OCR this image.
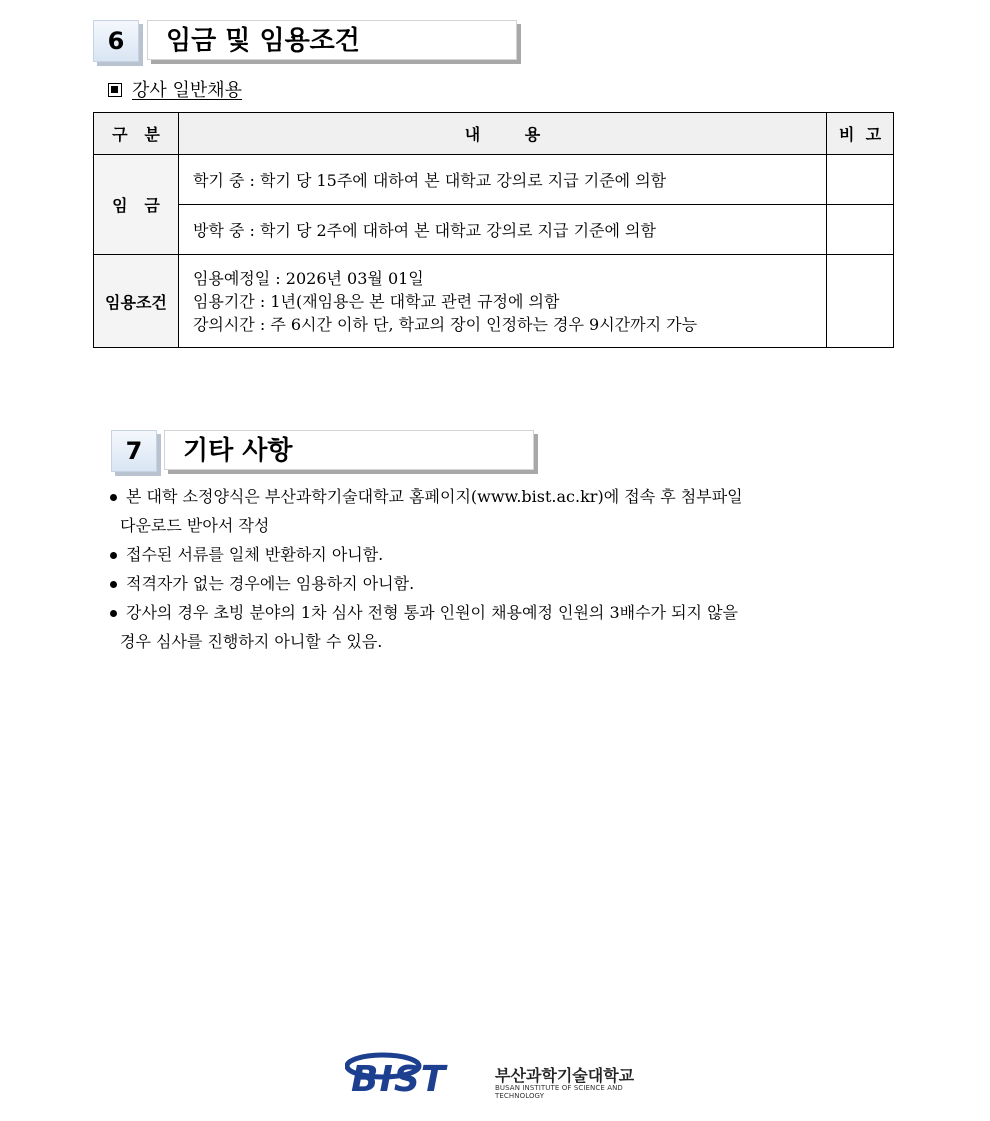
6	임금 및 임용조건
강사 일반채용
구   분	내        용	비  고
임   금	학기 중 : 학기 당 15주에 대하여 본 대학교 강의로 지급 기준에 의함	
	방학 중 : 학기 당 2주에 대하여 본 대학교 강의로 지급 기준에 의함	
임용조건	임용예정일 : 2026년 03월 01일
임용기간 : 1년(재임용은 본 대학교 관련 규정에 의함
강의시간 : 주 6시간 이하 단, 학교의 장이 인정하는 경우 9시간까지 가능	

7	기타 사항
본 대학 소정양식은 부산과학기술대학교 홈페이지(www.bist.ac.kr)에 접속 후 첨부파일
다운로드 받아서 작성
접수된 서류를 일체 반환하지 아니함.
적격자가 없는 경우에는 임용하지 아니함.
강사의 경우 초빙 분야의 1차 심사 전형 통과 인원이 채용예정 인원의 3배수가 되지 않을
경우 심사를 진행하지 아니할 수 있음.
BIST	부산과학기술대학교
BUSAN INSTITUTE OF SCIENCE AND TECHNOLOGY
